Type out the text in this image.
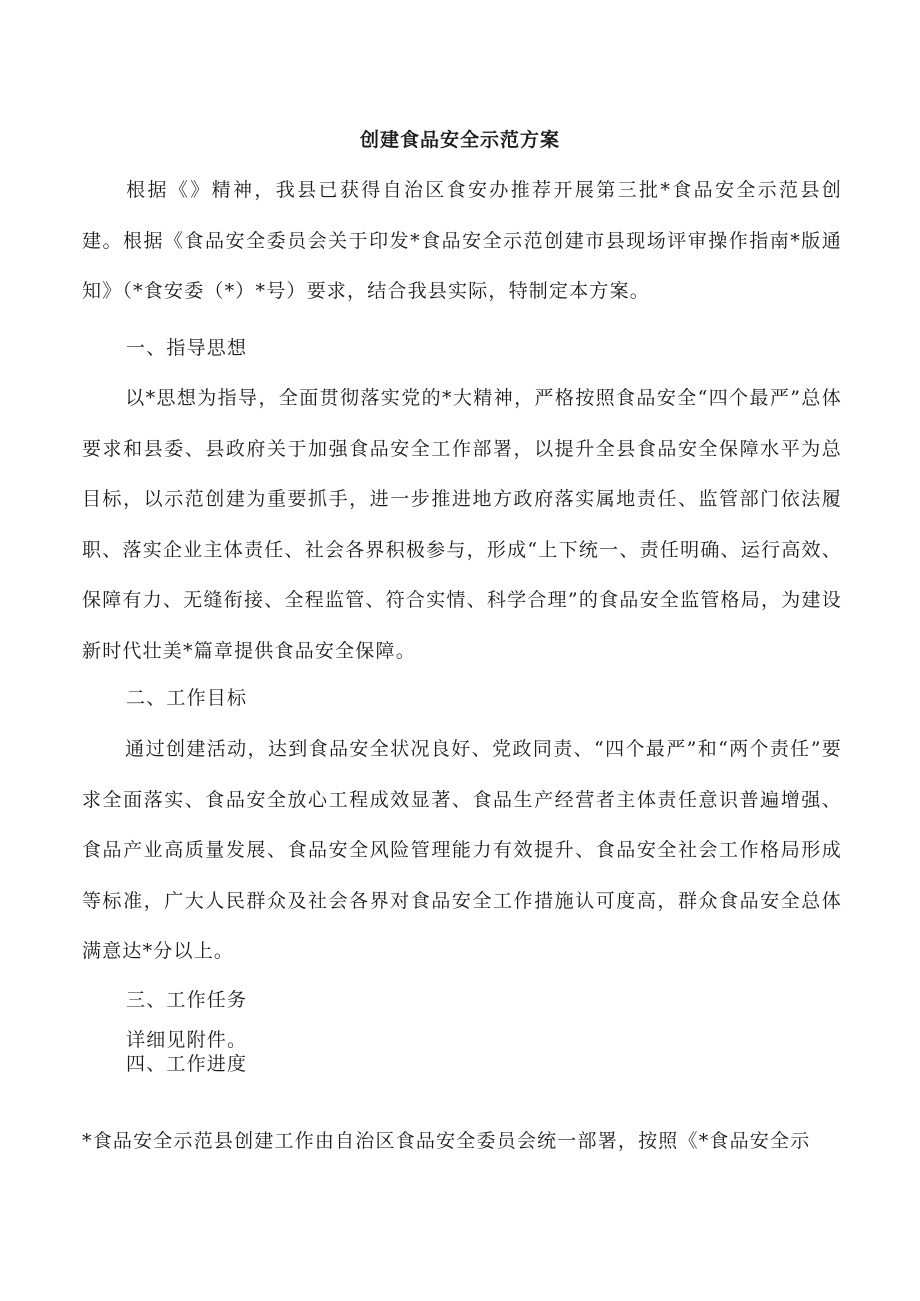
创建食品安全示范方案
根据《》精神，我县已获得自治区食安办推荐开展第三批*食品安全示范县创建。根据《食品安全委员会关于印发*食品安全示范创建市县现场评审操作指南*版通知》（*食安委（*）*号）要求，结合我县实际，特制定本方案。
一、指导思想
以*思想为指导，全面贯彻落实党的*大精神，严格按照食品安全“四个最严”总体要求和县委、县政府关于加强食品安全工作部署，以提升全县食品安全保障水平为总目标，以示范创建为重要抓手，进一步推进地方政府落实属地责任、监管部门依法履职、落实企业主体责任、社会各界积极参与，形成“上下统一、责任明确、运行高效、保障有力、无缝衔接、全程监管、符合实情、科学合理”的食品安全监管格局，为建设新时代壮美*篇章提供食品安全保障。
二、工作目标
通过创建活动，达到食品安全状况良好、党政同责、“四个最严”和“两个责任”要求全面落实、食品安全放心工程成效显著、食品生产经营者主体责任意识普遍增强、食品产业高质量发展、食品安全风险管理能力有效提升、食品安全社会工作格局形成等标准，广大人民群众及社会各界对食品安全工作措施认可度高，群众食品安全总体满意达*分以上。
三、工作任务
详细见附件。
四、工作进度
*食品安全示范县创建工作由自治区食品安全委员会统一部署，按照《*食品安全示
